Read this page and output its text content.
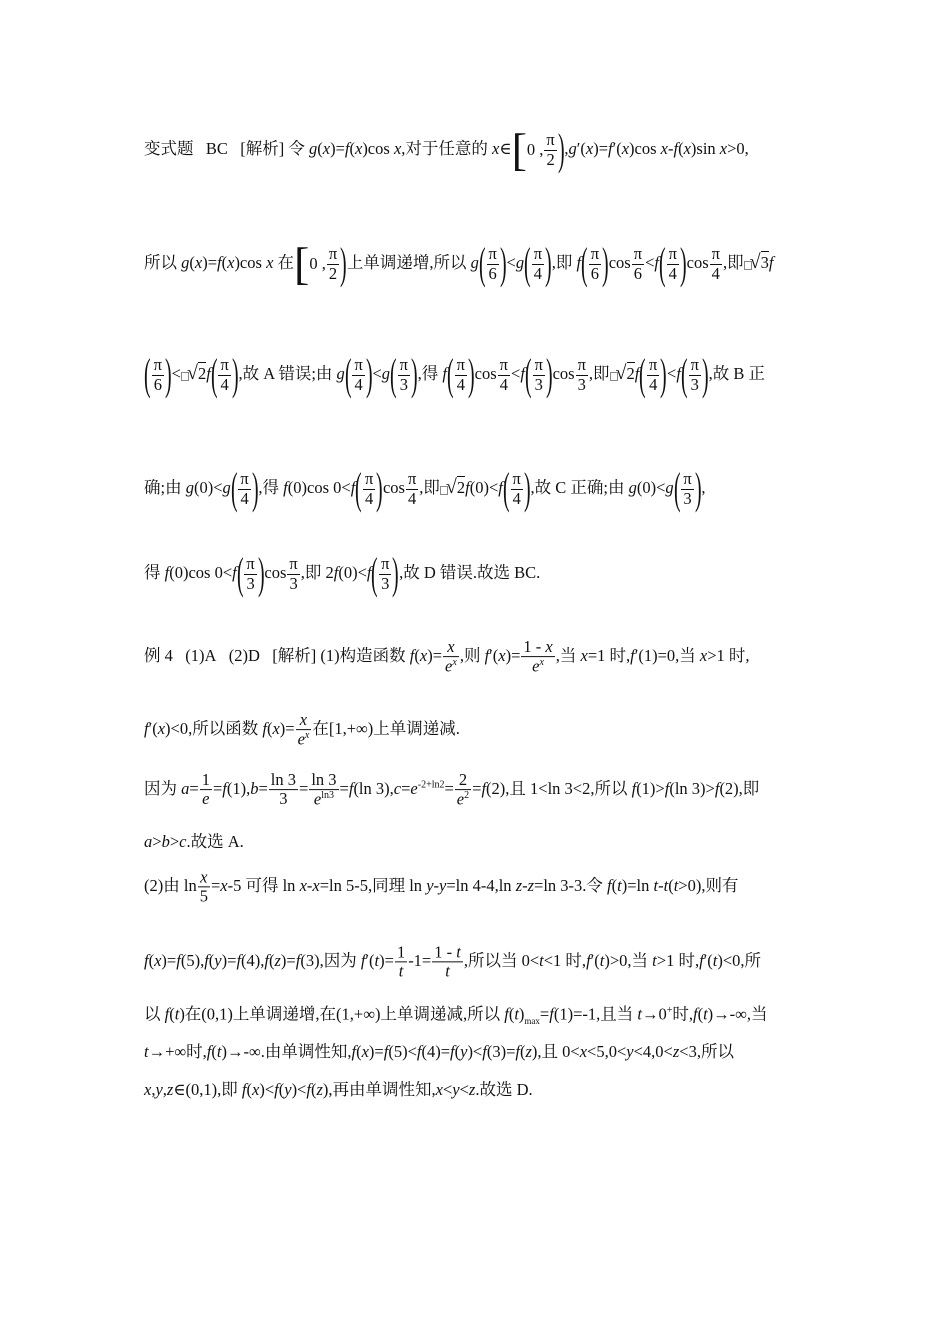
变式题   BC   [解析] 令 g(x)=f(x)cos x,对于任意的 x∈ [ 0 , π
2 ) ,g′(x)=f′(x)cos x-f(x)sin x>0,
所以 g(x)=f(x)cos x 在 [ 0 , π
2 ) 上单调递增,所以 g ( π
6 ) <g ( π
4 ) ,即 f ( π
6 ) $\cos \frac{\pi}{6} <f$ ( π
4 ) $\cos \frac{\pi}{4}$ ,即 √3f
( π
6 ) < √2f ( π
4 ) ,故 A 错误;由 g ( π
4 ) <g ( π
3 ) ,得 f ( π
4 ) $\cos \frac{\pi}{4} <f$ ( π
3 ) $\cos \frac{\pi}{3}$ ,即 √2f ( π
4 ) <f ( π
3 ) ,故 B 正
确;由 g(0)<g ( π
4 ) ,得 f(0)cos 0<f ( π
4 ) $\cos \frac{\pi}{4}$ ,即 √2f(0)<f ( π
4 ) ,故 C 正确;由 g(0)<g ( π
3 ) ,
得 f(0)cos 0<f ( π
3 ) $\cos \frac{\pi}{3}$ ,即 2f(0)<f ( π
3 ) ,故 D 错误.故选 BC.
例 4   (1)A   (2)D   [解析] (1)构造函数 $f(x)= \frac{x}{e^x}$ ,则 $f'(x)= \frac{1 - x}{e^x}$ ,当 x=1 时,f′(1)=0,当 x>1 时,
f′(x)<0,所以函数 $f(x)= \frac{x}{e^x}$ 在[1,+∞)上单调递减.
因为 $a= \frac{1}{e} =f(1),b= \frac{\ln 3}{3} = \frac{\ln 3}{e^{ln3}} =f(\ln$ $3),c=e^{-2+ln2}= \frac{2}{e^2} =f(2)$,且 1<ln 3<2,所以 f(1)>f(ln 3)>f(2),即
a>b>c.故选 A.
(2)由 $\ln \frac{x}{5} =x-5$ 可得 ln x-x=ln 5-5,同理 ln y-y=ln 4-4,ln z-z=ln 3-3.令 f(t)=ln t-t(t>0),则有
f(x)=f(5),f(y)=f(4),f(z)=f(3),因为 $f'(t)= \frac{1}{t} -1= \frac{1 - t}{t}$ ,所以当 0<t<1 时,f′(t)>0,当 t>1 时,f′(t)<0,所
以 f(t)在(0,1)上单调递增,在(1,+∞)上单调递减,所以 $f(t)_{max}=f(1)=-1$,且当 t→0+时,f(t)→-∞,当
t→+∞时,f(t)→-∞.由单调性知,f(x)=f(5)<f(4)=f(y)<f(3)=f(z),且 0<x<5,0<y<4,0<z<3,所以
x,y,z∈(0,1),即 f(x)<f(y)<f(z),再由单调性知,x<y<z.故选 D.
